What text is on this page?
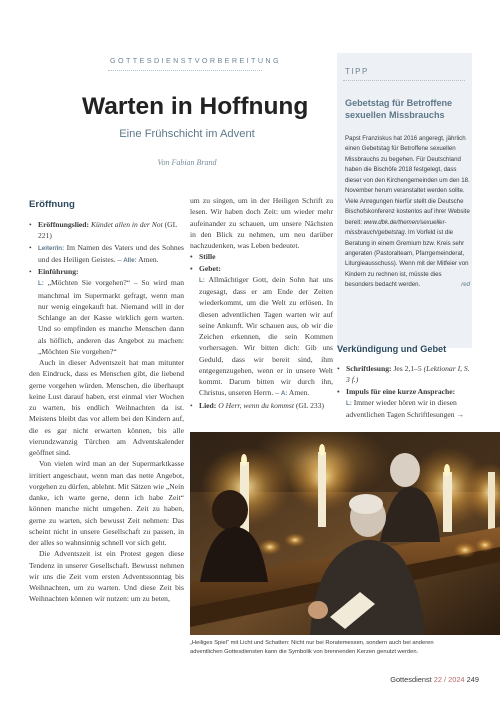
GOTTESDIENSTVORBEREITUNG
Warten in Hoffnung
Eine Frühschicht im Advent
Von Fabian Brand
Eröffnung
• Eröffnungslied: Kündet allen in der Not (GL 221)

• Leiter/in: Im Namen des Vaters und des Sohnes und des Heiligen Geistes. – Alle: Amen.

• Einführung:

L: „Möchten Sie vorgehen?“ – So wird man manchmal im Supermarkt gefragt, wenn man nur wenig eingekauft hat. Niemand will in der Schlange an der Kasse wirklich gern warten. Und so empfinden es manche Menschen dann als höflich, anderen das Angebot zu machen: „Möchten Sie vorgehen?“

Auch in dieser Adventszeit hat man mitunter den Eindruck, dass es Menschen gibt, die liebend gerne vorgehen würden. Menschen, die überhaupt keine Lust darauf haben, erst einmal vier Wochen zu warten, bis endlich Weihnachten da ist. Meistens bleibt das vor allem bei den Kindern auf, die es gar nicht erwarten können, bis alle vierundzwanzig Türchen am Adventskalender geöffnet sind.

Von vielen wird man an der Supermarktkasse irritiert angeschaut, wenn man das nette Angebot, vorgehen zu dürfen, ablehnt. Mit Sätzen wie „Nein danke, ich warte gerne, denn ich habe Zeit“ können manche nicht umgehen. Zeit zu haben, gerne zu warten, sich bewusst Zeit nehmen: Das scheint nicht in unsere Gesellschaft zu passen, in der alles so wahnsinnig schnell vor sich geht.

Die Adventszeit ist ein Protest gegen diese Tendenz in unserer Gesellschaft. Bewusst nehmen wir uns die Zeit vom ersten Adventssonntag bis Weihnachten, um zu warten. Und diese Zeit bis Weihnachten können wir nutzen: um zu beten,

um zu singen, um in der Heiligen Schrift zu lesen. Wir haben doch Zeit: um wieder mehr aufeinander zu schauen, um unsere Nächsten in den Blick zu nehmen, um neu darüber nachzudenken, was Leben bedeutet.

• Stille
• Gebet:

L: Allmächtiger Gott, dein Sohn hat uns zugesagt, dass er am Ende der Zeiten wiederkommt, um die Welt zu erlösen. In diesen adventlichen Tagen warten wir auf seine Ankunft. Wir schauen aus, ob wir die Zeichen erkennen, die sein Kommen vorhersagen. Wir bitten dich: Gib uns Geduld, dass wir bereit sind, ihm entgegenzugehen, wenn er in unsere Welt kommt. Darum bitten wir durch ihn, Christus, unseren Herrn. – A: Amen.

• Lied: O Herr, wenn du kommst (GL 233)
TIPP
Gebetstag für Betroffene sexuellen Missbrauchs

Papst Franziskus hat 2016 angeregt, jährlich einen Gebetstag für Betroffene sexuellen Missbrauchs zu begehen. Für Deutschland haben die Bischöfe 2018 festgelegt, dass dieser von den Kirchengemeinden um den 18. November herum veranstaltet werden sollte. Viele Anregungen hierfür stellt die Deutsche Bischofskonferenz kostenlos auf ihrer Website bereit: www.dbk.de/themen/sexueller-missbrauch/gebetstag. Im Vorfeld ist die Beratung in einem Gremium bzw. Kreis sehr angeraten (Pastoralteam, Pfarrgemeinderat, Liturgieausschuss). Wenn mit der Mitfeier von Kindern zu rechnen ist, müsste dies besonders bedacht werden.	red

Verkündigung und Gebet
• Schriftlesung: Jes 2,1–5 (Lektionar I, S. 3 f.)
• Impuls für eine kurze Ansprache:

L: Immer wieder hören wir in diesen adventlichen Tagen Schriftlesungen →

„Heiliges Spiel“ mit Licht und Schatten: Nicht nur bei Roratemessen, sondern auch bei anderen adventlichen Gottesdiensten kann die Symbolik von brennenden Kerzen genutzt werden.
Gottesdienst 22 / 2024 249
